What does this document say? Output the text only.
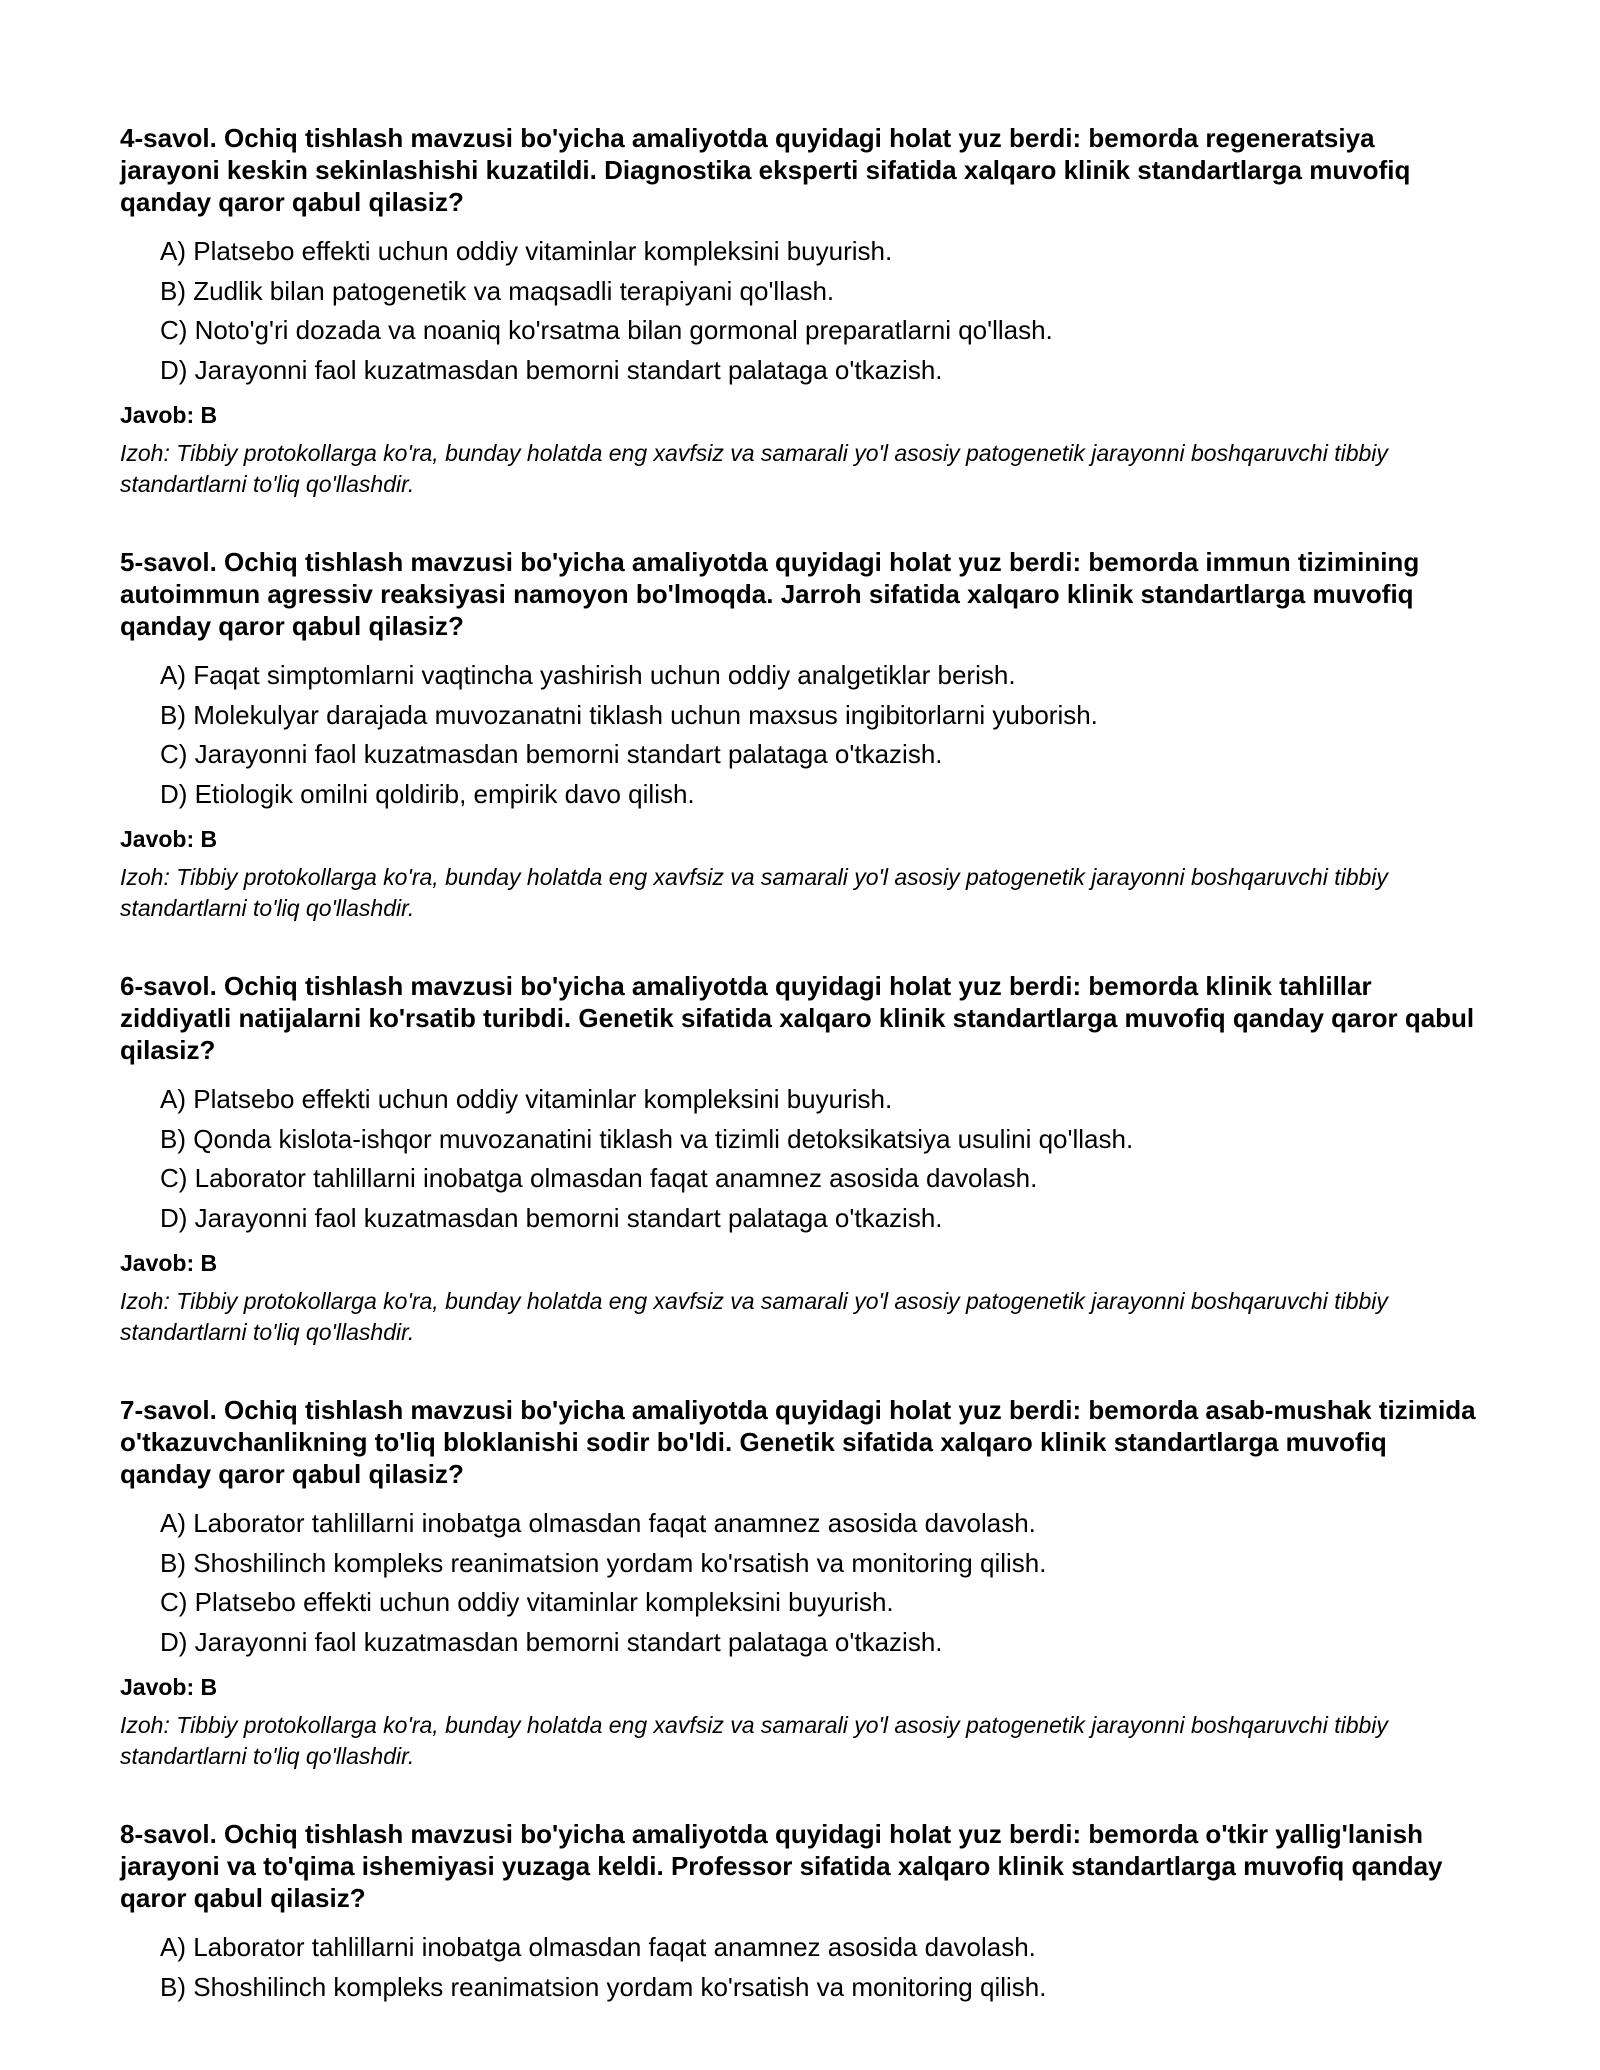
4-savol. Ochiq tishlash mavzusi bo'yicha amaliyotda quyidagi holat yuz berdi: bemorda regeneratsiya jarayoni keskin sekinlashishi kuzatildi. Diagnostika eksperti sifatida xalqaro klinik standartlarga muvofiq qanday qaror qabul qilasiz?
A) Platsebo effekti uchun oddiy vitaminlar kompleksini buyurish.
B) Zudlik bilan patogenetik va maqsadli terapiyani qo'llash.
C) Noto'g'ri dozada va noaniq ko'rsatma bilan gormonal preparatlarni qo'llash.
D) Jarayonni faol kuzatmasdan bemorni standart palataga o'tkazish.
Javob: B
Izoh: Tibbiy protokollarga ko'ra, bunday holatda eng xavfsiz va samarali yo'l asosiy patogenetik jarayonni boshqaruvchi tibbiy standartlarni to'liq qo'llashdir.
5-savol. Ochiq tishlash mavzusi bo'yicha amaliyotda quyidagi holat yuz berdi: bemorda immun tizimining autoimmun agressiv reaksiyasi namoyon bo'lmoqda. Jarroh sifatida xalqaro klinik standartlarga muvofiq qanday qaror qabul qilasiz?
A) Faqat simptomlarni vaqtincha yashirish uchun oddiy analgetiklar berish.
B) Molekulyar darajada muvozanatni tiklash uchun maxsus ingibitorlarni yuborish.
C) Jarayonni faol kuzatmasdan bemorni standart palataga o'tkazish.
D) Etiologik omilni qoldirib, empirik davo qilish.
Javob: B
Izoh: Tibbiy protokollarga ko'ra, bunday holatda eng xavfsiz va samarali yo'l asosiy patogenetik jarayonni boshqaruvchi tibbiy standartlarni to'liq qo'llashdir.
6-savol. Ochiq tishlash mavzusi bo'yicha amaliyotda quyidagi holat yuz berdi: bemorda klinik tahlillar ziddiyatli natijalarni ko'rsatib turibdi. Genetik sifatida xalqaro klinik standartlarga muvofiq qanday qaror qabul qilasiz?
A) Platsebo effekti uchun oddiy vitaminlar kompleksini buyurish.
B) Qonda kislota-ishqor muvozanatini tiklash va tizimli detoksikatsiya usulini qo'llash.
C) Laborator tahlillarni inobatga olmasdan faqat anamnez asosida davolash.
D) Jarayonni faol kuzatmasdan bemorni standart palataga o'tkazish.
Javob: B
Izoh: Tibbiy protokollarga ko'ra, bunday holatda eng xavfsiz va samarali yo'l asosiy patogenetik jarayonni boshqaruvchi tibbiy standartlarni to'liq qo'llashdir.
7-savol. Ochiq tishlash mavzusi bo'yicha amaliyotda quyidagi holat yuz berdi: bemorda asab-mushak tizimida o'tkazuvchanlikning to'liq bloklanishi sodir bo'ldi. Genetik sifatida xalqaro klinik standartlarga muvofiq qanday qaror qabul qilasiz?
A) Laborator tahlillarni inobatga olmasdan faqat anamnez asosida davolash.
B) Shoshilinch kompleks reanimatsion yordam ko'rsatish va monitoring qilish.
C) Platsebo effekti uchun oddiy vitaminlar kompleksini buyurish.
D) Jarayonni faol kuzatmasdan bemorni standart palataga o'tkazish.
Javob: B
Izoh: Tibbiy protokollarga ko'ra, bunday holatda eng xavfsiz va samarali yo'l asosiy patogenetik jarayonni boshqaruvchi tibbiy standartlarni to'liq qo'llashdir.
8-savol. Ochiq tishlash mavzusi bo'yicha amaliyotda quyidagi holat yuz berdi: bemorda o'tkir yallig'lanish jarayoni va to'qima ishemiyasi yuzaga keldi. Professor sifatida xalqaro klinik standartlarga muvofiq qanday qaror qabul qilasiz?
A) Laborator tahlillarni inobatga olmasdan faqat anamnez asosida davolash.
B) Shoshilinch kompleks reanimatsion yordam ko'rsatish va monitoring qilish.
